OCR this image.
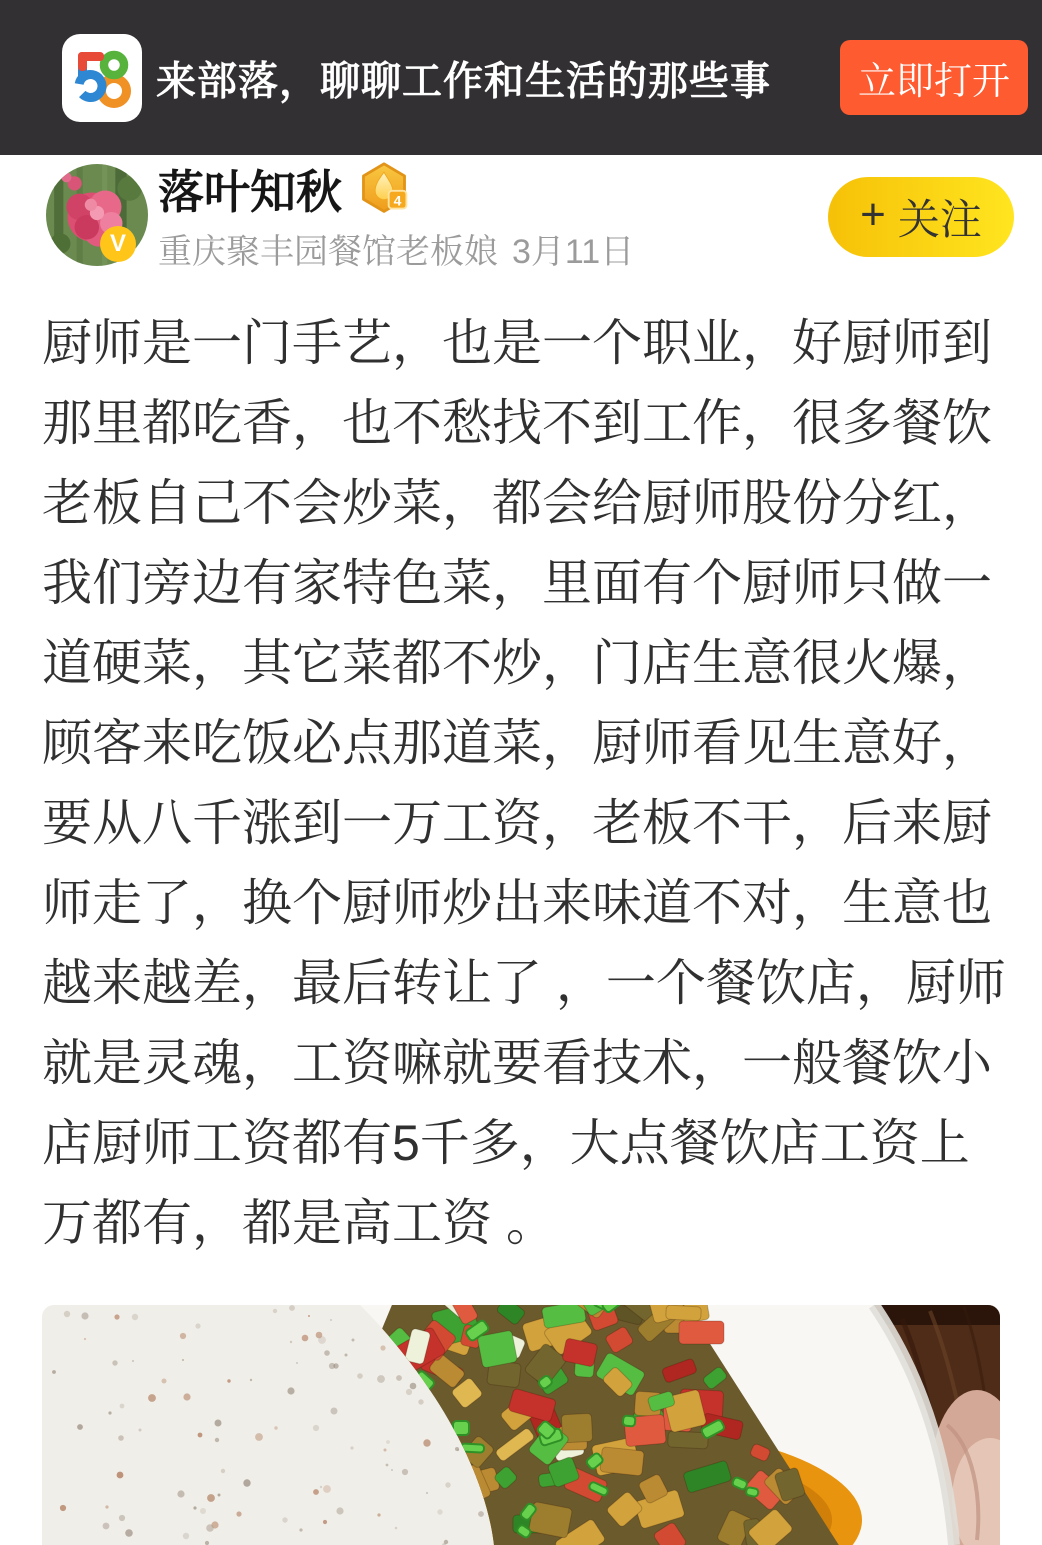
来部落，聊聊工作和生活的那些事 立即打开
V
落叶知秋	4
重庆聚丰园餐馆老板娘 3月11日
+ 关注
厨师是一门手艺，也是一个职业，好厨师到那里都吃香，也不愁找不到工作，很多餐饮老板自己不会炒菜，都会给厨师股份分红，我们旁边有家特色菜，里面有个厨师只做一道硬菜，其它菜都不炒，门店生意很火爆，顾客来吃饭必点那道菜，厨师看见生意好，要从八千涨到一万工资，老板不干，后来厨师走了，换个厨师炒出来味道不对，生意也越来越差，最后转让了 ，一个餐饮店，厨师就是灵魂，工资嘛就要看技术，一般餐饮小店厨师工资都有5千多，大点餐饮店工资上万都有，都是高工资 。
